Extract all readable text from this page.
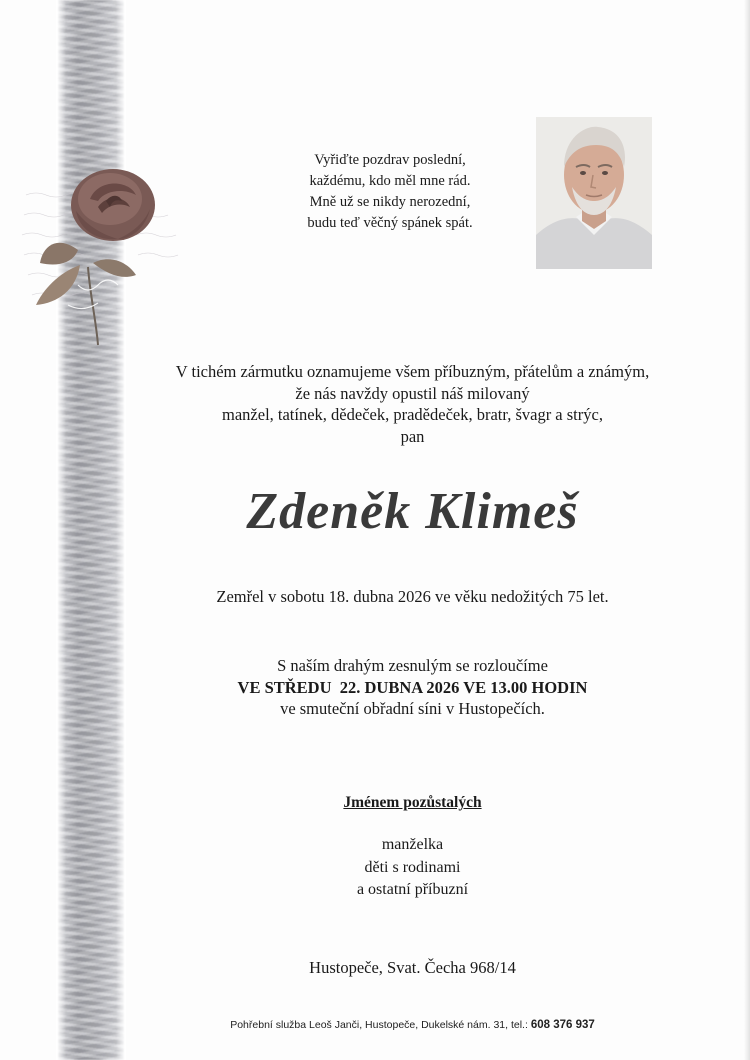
Vyřiďte pozdrav poslední,
každému, kdo měl mne rád.
Mně už se nikdy nerozední,
budu teď věčný spánek spát.
V tichém zármutku oznamujeme všem příbuzným, přátelům a známým,
že nás navždy opustil náš milovaný
manžel, tatínek, dědeček, pradědeček, bratr, švagr a strýc,
pan
Zdeněk Klimeš
Zemřel v sobotu 18. dubna 2026 ve věku nedožitých 75 let.
S naším drahým zesnulým se rozloučíme
VE STŘEDU  22. DUBNA 2026 VE 13.00 HODIN
ve smuteční obřadní síni v Hustopečích.
Jménem pozůstalých
manželka
děti s rodinami
a ostatní příbuzní
Hustopeče, Svat. Čecha 968/14
Pohřební služba Leoš Janči, Hustopeče, Dukelské nám. 31, tel.: 608 376 937
